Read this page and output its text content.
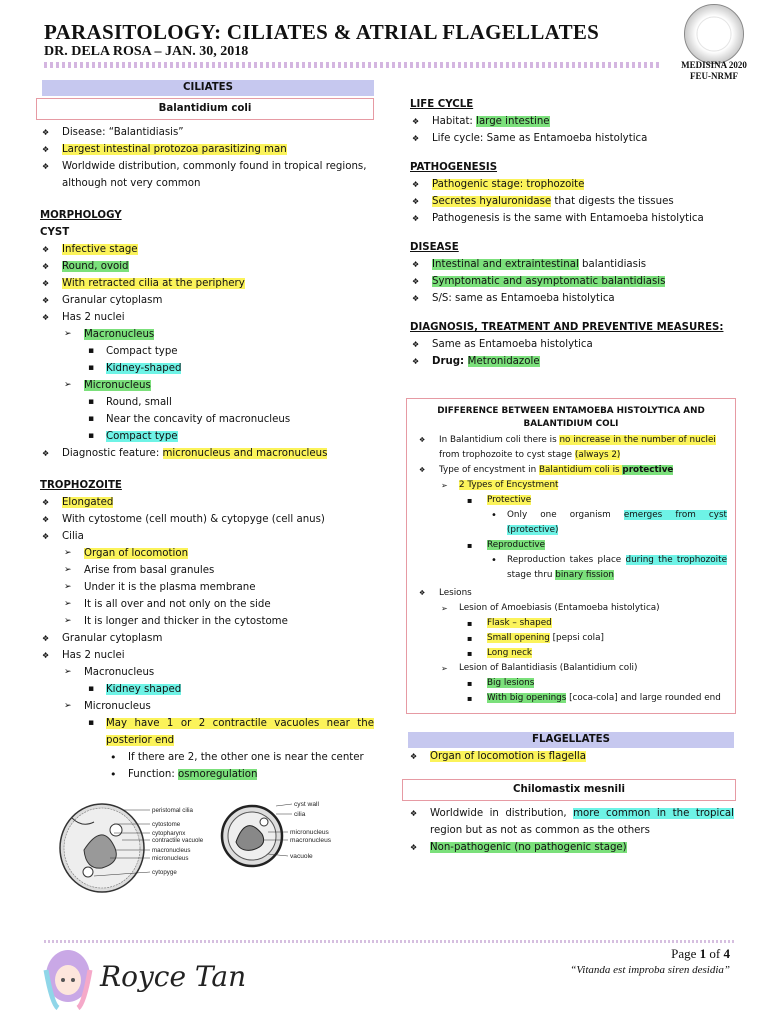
PARASITOLOGY: CILIATES & ATRIAL FLAGELLATES
DR. DELA ROSA – JAN. 30, 2018
MEDISINA 2020
FEU-NRMF
CILIATES
Balantidium coli
❖ Disease: “Balantidiasis”
❖ Largest intestinal protozoa parasitizing man
❖ Worldwide distribution, commonly found in tropical regions, although not very common
MORPHOLOGY
CYST
❖ Infective stage
❖ Round, ovoid
❖ With retracted cilia at the periphery
❖ Granular cytoplasm
❖ Has 2 nuclei
➢ Macronucleus
▪ Compact type
▪ Kidney-shaped
➢ Micronucleus
▪ Round, small
▪ Near the concavity of macronucleus
▪ Compact type
❖ Diagnostic feature: micronucleus and macronucleus
TROPHOZOITE
❖ Elongated
❖ With cytostome (cell mouth) & cytopyge (cell anus)
❖ Cilia
➢ Organ of locomotion
➢ Arise from basal granules
➢ Under it is the plasma membrane
➢ It is all over and not only on the side
➢ It is longer and thicker in the cytostome
❖ Granular cytoplasm
❖ Has 2 nuclei
➢ Macronucleus
▪ Kidney shaped
➢ Micronucleus
▪ May have 1 or 2 contractile vacuoles near the posterior end
• If there are 2, the other one is near the center
• Function: osmoregulation
peristomal cilia
cytostome
cytopharynx
contractile vacuole
macronucleus
micronucleus
cytopyge
cyst wall
cilia
micronucleus
macronucleus
vacuole
LIFE CYCLE
❖ Habitat: large intestine
❖ Life cycle: Same as Entamoeba histolytica
PATHOGENESIS
❖ Pathogenic stage: trophozoite
❖ Secretes hyaluronidase that digests the tissues
❖ Pathogenesis is the same with Entamoeba histolytica
DISEASE
❖ Intestinal and extraintestinal balantidiasis
❖ Symptomatic and asymptomatic balantidiasis
❖ S/S: same as Entamoeba histolytica
DIAGNOSIS, TREATMENT AND PREVENTIVE MEASURES:
❖ Same as Entamoeba histolytica
❖ Drug: Metronidazole
DIFFERENCE BETWEEN ENTAMOEBA HISTOLYTICA AND BALANTIDIUM COLI
❖ In Balantidium coli there is no increase in the number of nuclei from trophozoite to cyst stage (always 2)
❖ Type of encystment in Balantidium coli is protective
➢ 2 Types of Encystment
▪ Protective
• Only one organism emerges from cyst (protective)
▪ Reproductive
• Reproduction takes place during the trophozoite stage thru binary fission
❖ Lesions
➢ Lesion of Amoebiasis (Entamoeba histolytica)
▪ Flask – shaped
▪ Small opening [pepsi cola]
▪ Long neck
➢ Lesion of Balantidiasis (Balantidium coli)
▪ Big lesions
▪ With big openings [coca-cola] and large rounded end
FLAGELLATES
❖ Organ of locomotion is flagella
Chilomastix mesnili
❖ Worldwide in distribution, more common in the tropical region but as not as common as the others
❖ Non-pathogenic (no pathogenic stage)
Royce Tan
Page 1 of 4
“Vitanda est improba siren desidia”
